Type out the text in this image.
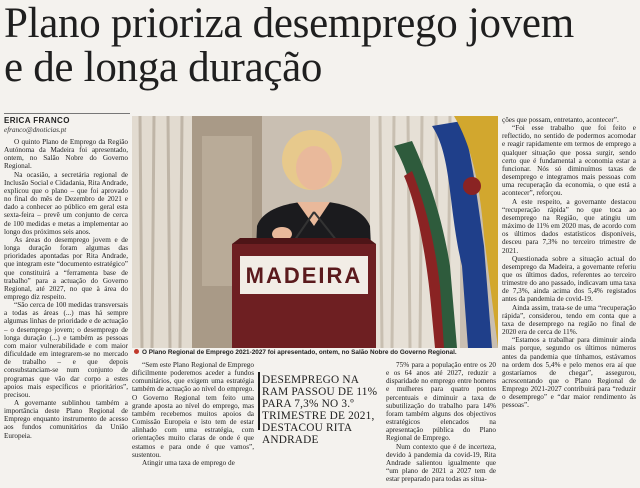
Plano prioriza desemprego jovem
e de longa duração
ERICA FRANCO
efranco@dnoticias.pt

O quinto Plano de Emprego da Região Autónoma da Madeira foi apresentado, ontem, no Salão Nobre do Governo Regional.

Na ocasião, a secretária regional de Inclusão Social e Cidadania, Rita Andrade, explicou que o plano – que foi aprovado no final do mês de Dezembro de 2021 e dado a conhecer ao público em geral esta sexta-feira – prevê um conjunto de cerca de 100 medidas e metas a implementar ao longo dos próximos seis anos.

As áreas do desemprego jovem e de longa duração foram algumas das prioridades apontadas por Rita Andrade, que integram este “documento estratégico” que constituirá a “ferramenta base de trabalho” para a actuação do Governo Regional, até 2027, no que à área do emprego diz respeito.

“São cerca de 100 medidas transversais a todas as áreas (...) mas há sempre algumas linhas de prioridade e de actuação – o desemprego jovem; o desemprego de longa duração (...) e também as pessoas com maior vulnerabilidade e com maior dificuldade em integrarem-se no mercado de trabalho – e que depois consubstanciam-se num conjunto de programas que vão dar corpo a estes apoios mais específicos e prioritários”, precisou.

A governante sublinhou também a importância deste Plano Regional de Emprego enquanto instrumento de acesso aos fundos comunitários da União Europeia.

MADEIRA
O Plano Regional de Emprego 2021-2027 foi apresentado, ontem, no Salão Nobre do Governo Regional.

“Sem este Plano Regional de Emprego dificilmente poderemos aceder a fundos comunitários, que exigem uma estratégia também de actuação ao nível do emprego. O Governo Regional tem feito uma grande aposta ao nível do emprego, mas também recebemos muitos apoios da Comissão Europeia e isto tem de estar alinhado com uma estratégia, com orientações muito claras de onde é que estamos e para onde é que vamos”, sustentou.

Atingir uma taxa de emprego de

DESEMPREGO NA RAM PASSOU DE 11% PARA 7,3% NO 3.º TRIMESTRE DE 2021, DESTACOU RITA ANDRADE

75% para a população entre os 20 e os 64 anos até 2027, reduzir a disparidade no emprego entre homens e mulheres para quatro pontos percentuais e diminuir a taxa de subutilização do trabalho para 14% foram também alguns dos objectivos estratégicos elencados na apresentação pública do Plano Regional de Emprego.

Num contexto que é de incerteza, devido à pandemia da covid-19, Rita Andrade salientou igualmente que “um plano de 2021 a 2027 tem de estar preparado para todas as situa-

ções que possam, entretanto, acontecer”.

“Foi esse trabalho que foi feito e reflectido, no sentido de podermos acomodar e reagir rapidamente em termos de emprego a qualquer situação que possa surgir, sendo certo que é fundamental a economia estar a funcionar. Nós só diminuímos taxas de desemprego e integramos mais pessoas com uma recuperação da economia, o que está a acontecer”, reforçou.

A este respeito, a governante destacou “recuperação rápida” no que toca ao desemprego na Região, que atingiu um máximo de 11% em 2020 mas, de acordo com os últimos dados estatísticos disponíveis, desceu para 7,3% no terceiro trimestre de 2021.

Questionada sobre a situação actual do desemprego da Madeira, a governante referiu que os últimos dados, referentes ao terceiro trimestre do ano passado, indicavam uma taxa de 7,3%, ainda acima dos 5,4% registados antes da pandemia de covid-19.

Ainda assim, trata-se de uma “recuperação rápida”, considerou, tendo em conta que a taxa de desemprego na região no final de 2020 era de cerca de 11%.

“Estamos a trabalhar para diminuir ainda mais porque, segundo os últimos números antes da pandemia que tínhamos, estávamos na ordem dos 5,4% e pelo menos era aí que gostaríamos de chegar”, assegurou, acrescentando que o Plano Regional de Emprego 2021-2027 contribuirá para “reduzir o desemprego” e “dar maior rendimento às pessoas”.
